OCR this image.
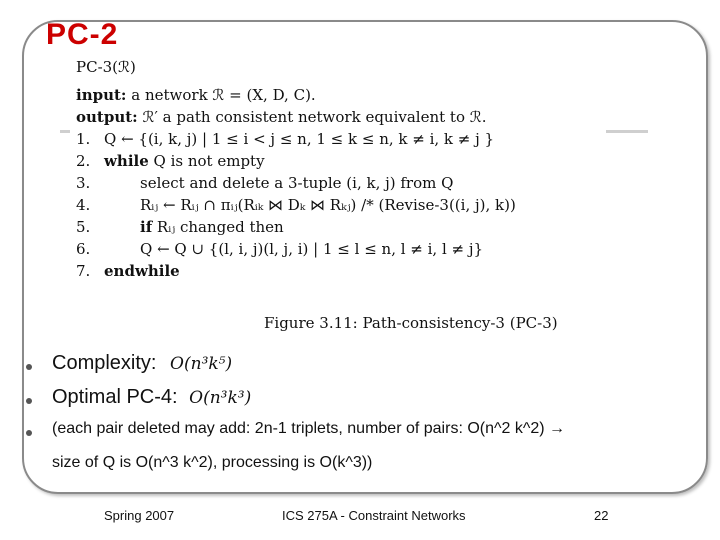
PC-2
PC-3(ℛ)
input: a network ℛ = (X, D, C).
output: ℛ′ a path consistent network equivalent to ℛ.
1. Q ← {(i, k, j) | 1 ≤ i < j ≤ n, 1 ≤ k ≤ n, k ≠ i, k ≠ j }
2. while Q is not empty
3.	select and delete a 3-tuple (i, k, j) from Q
4.	Rᵢⱼ ← Rᵢⱼ ∩ πᵢⱼ(Rᵢₖ ⋈ Dₖ ⋈ Rₖⱼ) /* (Revise-3((i, j), k))
5.	if Rᵢⱼ changed then
6.	Q ← Q ∪ {(l, i, j)(l, j, i) | 1 ≤ l ≤ n, l ≠ i, l ≠ j}
7. endwhile
Figure 3.11: Path-consistency-3 (PC-3)
Complexity: O(n³k⁵)
Optimal PC-4: O(n³k³)
(each pair deleted may add: 2n-1 triplets, number of pairs: O(n^2 k^2) →
size of Q is O(n^3 k^2), processing is O(k^3))
Spring 2007	ICS 275A - Constraint Networks	22
